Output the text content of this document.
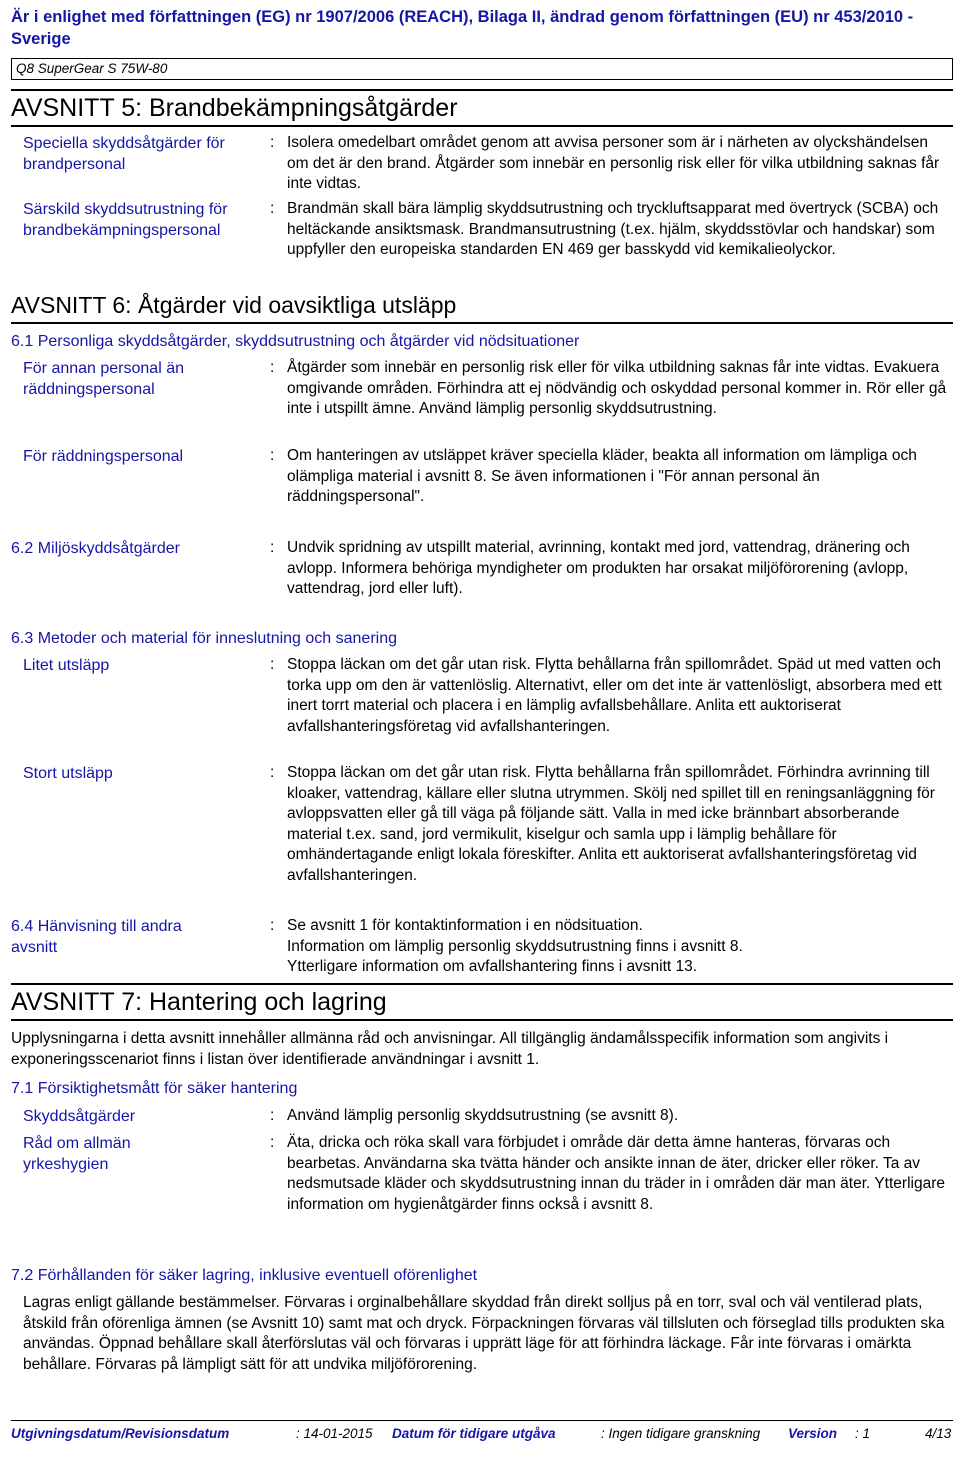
Är i enlighet med författningen (EG) nr 1907/2006 (REACH), Bilaga II, ändrad genom författningen (EU) nr 453/2010 - Sverige
Q8 SuperGear S 75W-80
AVSNITT 5: Brandbekämpningsåtgärder
Speciella skyddsåtgärder för brandpersonal
: Isolera omedelbart området genom att avvisa personer som är i närheten av olyckshändelsen om det är den brand. Åtgärder som innebär en personlig risk eller för vilka utbildning saknas får inte vidtas.
Särskild skyddsutrustning för brandbekämpningspersonal
: Brandmän skall bära lämplig skyddsutrustning och tryckluftsapparat med övertryck (SCBA) och heltäckande ansiktsmask. Brandmansutrustning (t.ex. hjälm, skyddsstövlar och handskar) som uppfyller den europeiska standarden EN 469 ger basskydd vid kemikalieolyckor.
AVSNITT 6: Åtgärder vid oavsiktliga utsläpp
6.1 Personliga skyddsåtgärder, skyddsutrustning och åtgärder vid nödsituationer
För annan personal än räddningspersonal
: Åtgärder som innebär en personlig risk eller för vilka utbildning saknas får inte vidtas. Evakuera omgivande områden. Förhindra att ej nödvändig och oskyddad personal kommer in. Rör eller gå inte i utspillt ämne. Använd lämplig personlig skyddsutrustning.
För räddningspersonal	: Om hanteringen av utsläppet kräver speciella kläder, beakta all information om lämpliga och olämpliga material i avsnitt 8. Se även informationen i "För annan personal än räddningspersonal".
6.2 Miljöskyddsåtgärder	: Undvik spridning av utspillt material, avrinning, kontakt med jord, vattendrag, dränering och avlopp. Informera behöriga myndigheter om produkten har orsakat miljöförorening (avlopp, vattendrag, jord eller luft).
6.3 Metoder och material för inneslutning och sanering
Litet utsläpp	: Stoppa läckan om det går utan risk. Flytta behållarna från spillområdet. Späd ut med vatten och torka upp om den är vattenlöslig. Alternativt, eller om det inte är vattenlösligt, absorbera med ett inert torrt material och placera i en lämplig avfallsbehållare. Anlita ett auktoriserat avfallshanteringsföretag vid avfallshanteringen.
Stort utsläpp	: Stoppa läckan om det går utan risk. Flytta behållarna från spillområdet. Förhindra avrinning till kloaker, vattendrag, källare eller slutna utrymmen. Skölj ned spillet till en reningsanläggning för avloppsvatten eller gå till väga på följande sätt. Valla in med icke brännbart absorberande material t.ex. sand, jord vermikulit, kiselgur och samla upp i lämplig behållare för omhändertagande enligt lokala föreskifter. Anlita ett auktoriserat avfallshanteringsföretag vid avfallshanteringen.
6.4 Hänvisning till andra avsnitt
: Se avsnitt 1 för kontaktinformation i en nödsituation.
Information om lämplig personlig skyddsutrustning finns i avsnitt 8.
Ytterligare information om avfallshantering finns i avsnitt 13.
AVSNITT 7: Hantering och lagring
Upplysningarna i detta avsnitt innehåller allmänna råd och anvisningar. All tillgänglig ändamålsspecifik information som angivits i exponeringsscenariot finns i listan över identifierade användningar i avsnitt 1.
7.1 Försiktighetsmått för säker hantering
Skyddsåtgärder	: Använd lämplig personlig skyddsutrustning (se avsnitt 8).
Råd om allmän yrkeshygien
: Äta, dricka och röka skall vara förbjudet i område där detta ämne hanteras, förvaras och bearbetas. Användarna ska tvätta händer och ansikte innan de äter, dricker eller röker. Ta av nedsmutsade kläder och skyddsutrustning innan du träder in i områden där man äter. Ytterligare information om hygienåtgärder finns också i avsnitt 8.
7.2 Förhållanden för säker lagring, inklusive eventuell oförenlighet
Lagras enligt gällande bestämmelser. Förvaras i orginalbehållare skyddad från direkt solljus på en torr, sval och väl ventilerad plats, åtskild från oförenliga ämnen (se Avsnitt 10) samt mat och dryck. Förpackningen förvaras väl tillsluten och förseglad tills produkten ska användas. Öppnad behållare skall återförslutas väl och förvaras i upprätt läge för att förhindra läckage. Får inte förvaras i omärkta behållare. Förvaras på lämpligt sätt för att undvika miljöförorening.
Utgivningsdatum/Revisionsdatum	: 14-01-2015 Datum för tidigare utgåva	: Ingen tidigare granskning Version : 1	4/13
